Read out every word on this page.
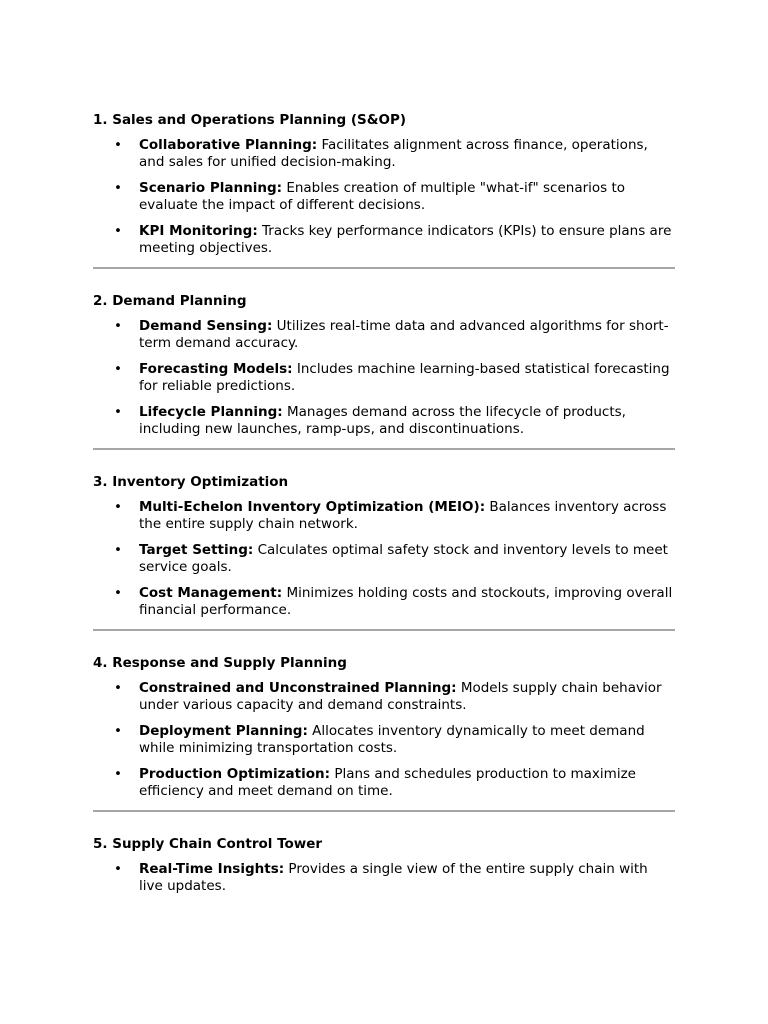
1. Sales and Operations Planning (S&OP)
• Collaborative Planning: Facilitates alignment across finance, operations, and sales for unified decision-making.
• Scenario Planning: Enables creation of multiple "what-if" scenarios to evaluate the impact of different decisions.
• KPI Monitoring: Tracks key performance indicators (KPIs) to ensure plans are meeting objectives.
2. Demand Planning
• Demand Sensing: Utilizes real-time data and advanced algorithms for short-term demand accuracy.
• Forecasting Models: Includes machine learning-based statistical forecasting for reliable predictions.
• Lifecycle Planning: Manages demand across the lifecycle of products, including new launches, ramp-ups, and discontinuations.
3. Inventory Optimization
• Multi-Echelon Inventory Optimization (MEIO): Balances inventory across the entire supply chain network.
• Target Setting: Calculates optimal safety stock and inventory levels to meet service goals.
• Cost Management: Minimizes holding costs and stockouts, improving overall financial performance.
4. Response and Supply Planning
• Constrained and Unconstrained Planning: Models supply chain behavior under various capacity and demand constraints.
• Deployment Planning: Allocates inventory dynamically to meet demand while minimizing transportation costs.
• Production Optimization: Plans and schedules production to maximize efficiency and meet demand on time.
5. Supply Chain Control Tower
• Real-Time Insights: Provides a single view of the entire supply chain with live updates.
